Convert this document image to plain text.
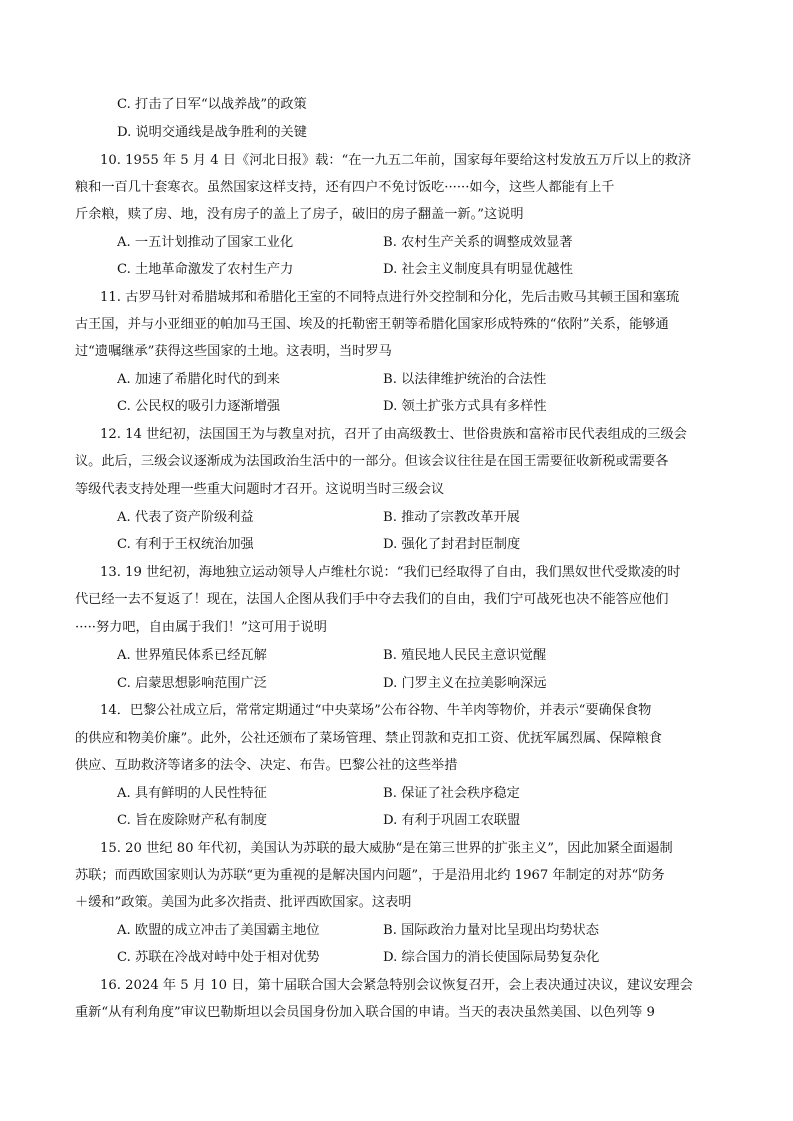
C. 打击了日军“以战养战”的政策
D. 说明交通线是战争胜利的关键
10. 1955 年 5 月 4 日《河北日报》载：“在一九五二年前，国家每年要给这村发放五万斤以上的救济
粮和一百几十套寒衣。虽然国家这样支持，还有四户不免讨饭吃······如今，这些人都能有上千
斤余粮，赎了房、地，没有房子的盖上了房子，破旧的房子翻盖一新。”这说明
A. 一五计划推动了国家工业化	B. 农村生产关系的调整成效显著
C. 土地革命激发了农村生产力	D. 社会主义制度具有明显优越性
11. 古罗马针对希腊城邦和希腊化王室的不同特点进行外交控制和分化，先后击败马其顿王国和塞琉
古王国，并与小亚细亚的帕加马王国、埃及的托勒密王朝等希腊化国家形成特殊的“依附”关系，能够通
过“遗嘱继承”获得这些国家的土地。这表明，当时罗马
A. 加速了希腊化时代的到来	B. 以法律维护统治的合法性
C. 公民权的吸引力逐渐增强	D. 领土扩张方式具有多样性
12. 14 世纪初，法国国王为与教皇对抗，召开了由高级教士、世俗贵族和富裕市民代表组成的三级会
议。此后，三级会议逐渐成为法国政治生活中的一部分。但该会议往往是在国王需要征收新税或需要各
等级代表支持处理一些重大问题时才召开。这说明当时三级会议
A. 代表了资产阶级利益	B. 推动了宗教改革开展
C. 有利于王权统治加强	D. 强化了封君封臣制度
13. 19 世纪初，海地独立运动领导人卢维杜尔说：“我们已经取得了自由，我们黑奴世代受欺凌的时
代已经一去不复返了！现在，法国人企图从我们手中夺去我们的自由，我们宁可战死也决不能答应他们
·····努力吧，自由属于我们！”这可用于说明
A. 世界殖民体系已经瓦解	B. 殖民地人民民主意识觉醒
C. 启蒙思想影响范围广泛	D. 门罗主义在拉美影响深远
14．巴黎公社成立后，常常定期通过“中央菜场”公布谷物、牛羊肉等物价，并表示“要确保食物
的供应和物美价廉”。此外，公社还颁布了菜场管理、禁止罚款和克扣工资、优抚军属烈属、保障粮食
供应、互助救济等诸多的法令、决定、布告。巴黎公社的这些举措
A. 具有鲜明的人民性特征	B. 保证了社会秩序稳定
C. 旨在废除财产私有制度	D. 有利于巩固工农联盟
15. 20 世纪 80 年代初，美国认为苏联的最大威胁“是在第三世界的扩张主义”，因此加紧全面遏制
苏联；而西欧国家则认为苏联“更为重视的是解决国内问题”，于是沿用北约 1967 年制定的对苏“防务
＋缓和”政策。美国为此多次指责、批评西欧国家。这表明
A. 欧盟的成立冲击了美国霸主地位	B. 国际政治力量对比呈现出均势状态
C. 苏联在冷战对峙中处于相对优势	D. 综合国力的消长使国际局势复杂化
16. 2024 年 5 月 10 日，第十届联合国大会紧急特别会议恢复召开，会上表决通过决议，建议安理会
重新“从有利角度”审议巴勒斯坦以会员国身份加入联合国的申请。当天的表决虽然美国、以色列等 9
